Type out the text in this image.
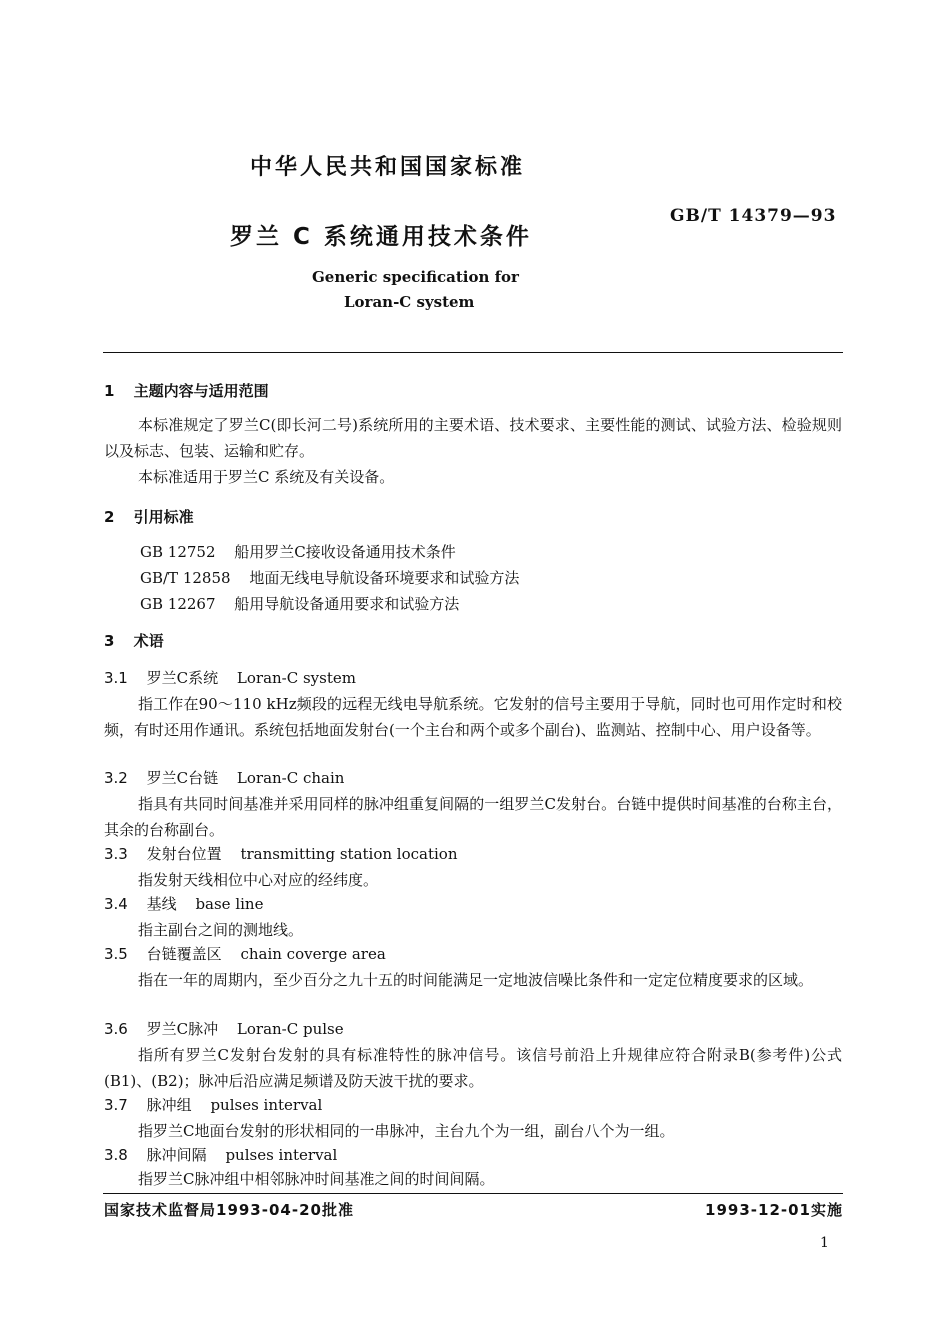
中华人民共和国国家标准
罗兰 C 系统通用技术条件
GB/T 14379—93
Generic specification for
Loran-C system
1 主题内容与适用范围
本标准规定了罗兰C(即长河二号)系统所用的主要术语、技术要求、主要性能的测试、试验方法、检验规则以及标志、包装、运输和贮存。
本标准适用于罗兰C 系统及有关设备。
2 引用标准
GB 12752 船用罗兰C接收设备通用技术条件
GB/T 12858 地面无线电导航设备环境要求和试验方法
GB 12267 船用导航设备通用要求和试验方法
3 术语
3.1 罗兰C系统 Loran-C system
指工作在90～110 kHz频段的远程无线电导航系统。它发射的信号主要用于导航，同时也可用作定时和校频，有时还用作通讯。系统包括地面发射台(一个主台和两个或多个副台)、监测站、控制中心、用户设备等。
3.2 罗兰C台链 Loran-C chain
指具有共同时间基准并采用同样的脉冲组重复间隔的一组罗兰C发射台。台链中提供时间基准的台称主台，其余的台称副台。
3.3 发射台位置 transmitting station location
指发射天线相位中心对应的经纬度。
3.4 基线 base line
指主副台之间的测地线。
3.5 台链覆盖区 chain coverge area
指在一年的周期内，至少百分之九十五的时间能满足一定地波信噪比条件和一定定位精度要求的区域。
3.6 罗兰C脉冲 Loran-C pulse
指所有罗兰C发射台发射的具有标准特性的脉冲信号。该信号前沿上升规律应符合附录B(参考件)公式(B1)、(B2)；脉冲后沿应满足频谱及防天波干扰的要求。
3.7 脉冲组 pulses interval
指罗兰C地面台发射的形状相同的一串脉冲，主台九个为一组，副台八个为一组。
3.8 脉冲间隔 pulses interval
指罗兰C脉冲组中相邻脉冲时间基准之间的时间间隔。
国家技术监督局1993-04-20批准	1993-12-01实施
1
